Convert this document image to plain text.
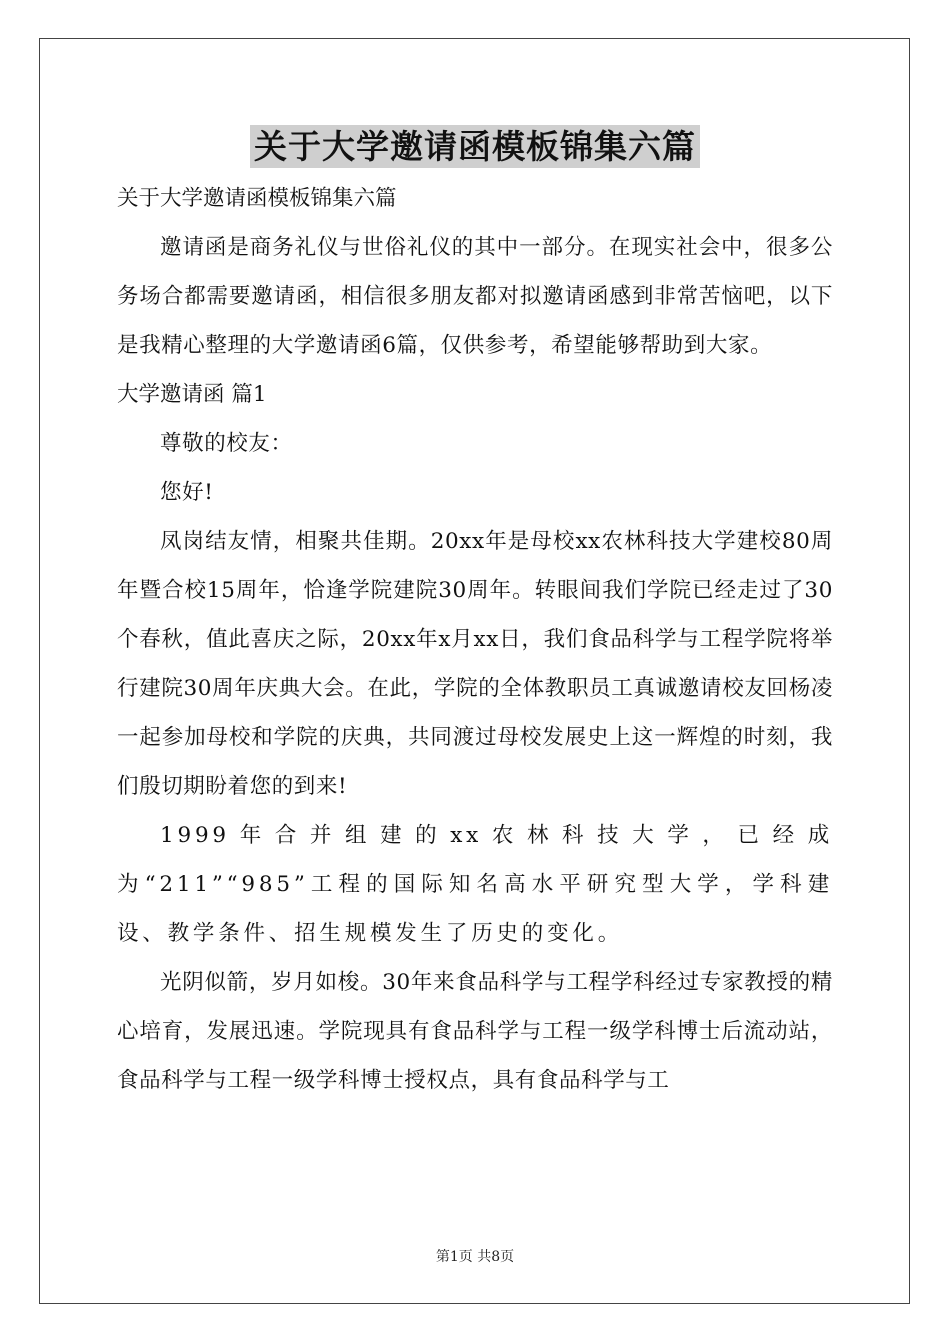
关于大学邀请函模板锦集六篇

关于大学邀请函模板锦集六篇

邀请函是商务礼仪与世俗礼仪的其中一部分。在现实社会中，很多公务场合都需要邀请函，相信很多朋友都对拟邀请函感到非常苦恼吧，以下是我精心整理的大学邀请函6篇，仅供参考，希望能够帮助到大家。

大学邀请函 篇1

尊敬的校友：

您好!

凤岗结友情，相聚共佳期。20xx年是母校xx农林科技大学建校80周年暨合校15周年，恰逢学院建院30周年。转眼间我们学院已经走过了30个春秋，值此喜庆之际，20xx年x月xx日，我们食品科学与工程学院将举行建院30周年庆典大会。在此，学院的全体教职员工真诚邀请校友回杨凌一起参加母校和学院的庆典，共同渡过母校发展史上这一辉煌的时刻，我们殷切期盼着您的到来!

1999年合并组建的xx农林科技大学，已经成为“211”“985”工程的国际知名高水平研究型大学，学科建设、教学条件、招生规模发生了历史的变化。

光阴似箭，岁月如梭。30年来食品科学与工程学科经过专家教授的精心培育，发展迅速。学院现具有食品科学与工程一级学科博士后流动站，食品科学与工程一级学科博士授权点，具有食品科学与工

第1页 共8页
